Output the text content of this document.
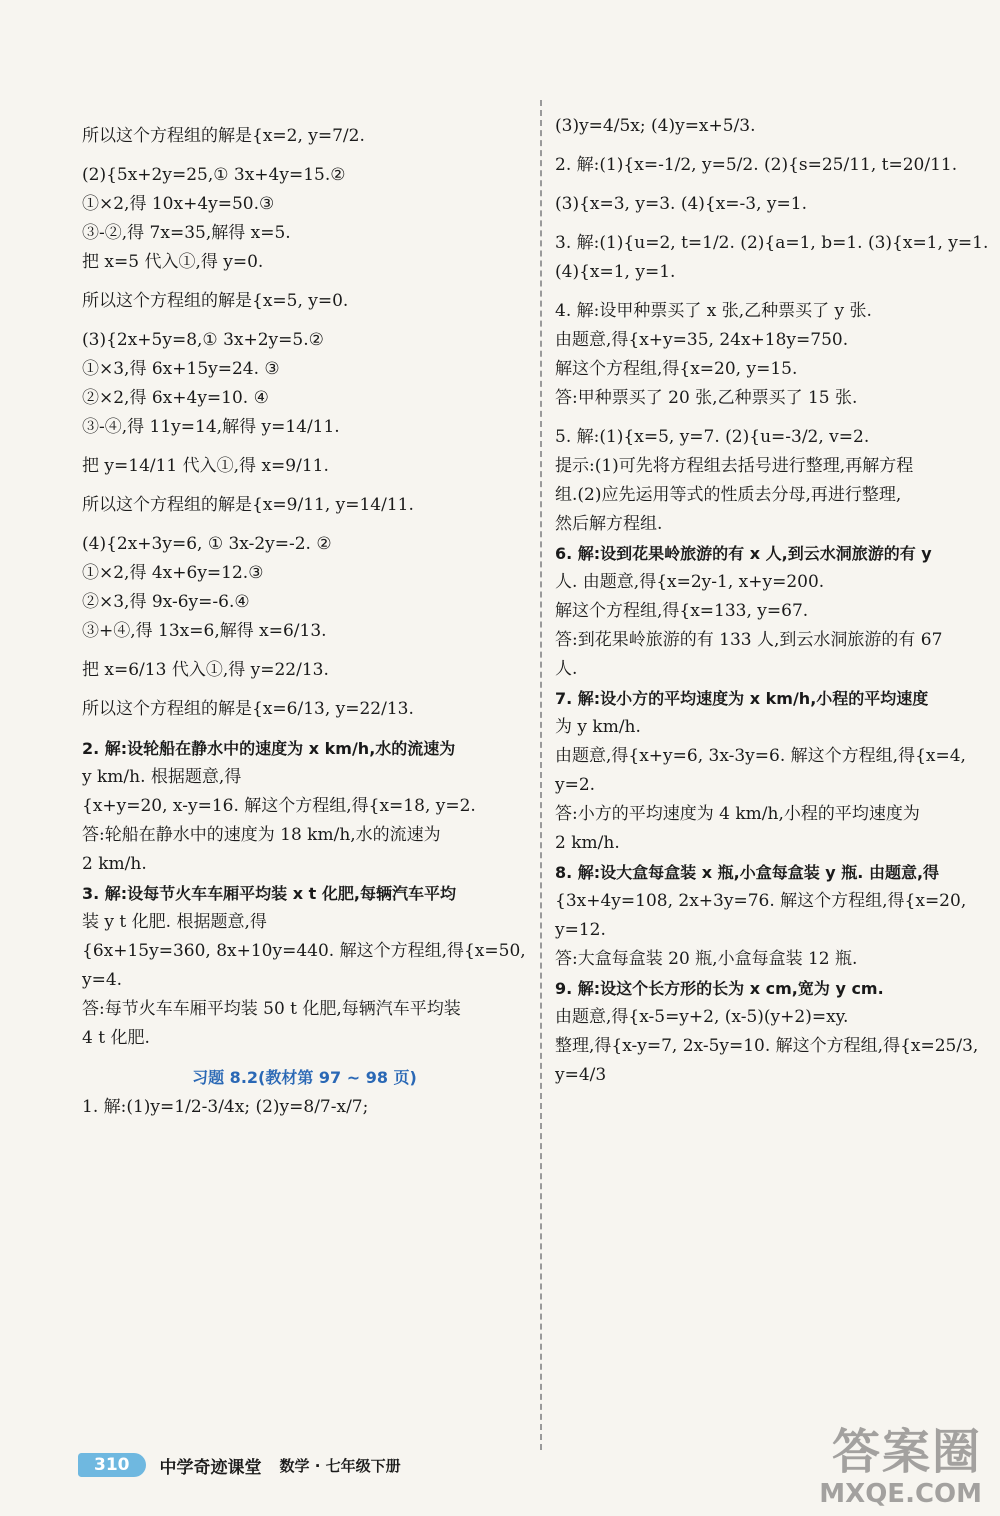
所以这个方程组的解是{x=2, y=7/2.
(2){5x+2y=25,① 3x+4y=15.②
①×2,得 10x+4y=50.③
③-②,得 7x=35,解得 x=5.
把 x=5 代入①,得 y=0.
所以这个方程组的解是{x=5, y=0.
(3){2x+5y=8,① 3x+2y=5.②
①×3,得 6x+15y=24. ③
②×2,得 6x+4y=10. ④
③-④,得 11y=14,解得 y=14/11.
把 y=14/11 代入①,得 x=9/11.
所以这个方程组的解是{x=9/11, y=14/11.
(4){2x+3y=6, ① 3x-2y=-2. ②
①×2,得 4x+6y=12.③
②×3,得 9x-6y=-6.④
③+④,得 13x=6,解得 x=6/13.
把 x=6/13 代入①,得 y=22/13.
所以这个方程组的解是{x=6/13, y=22/13.
2. 解:设轮船在静水中的速度为 x km/h,水的流速为
y km/h. 根据题意,得
{x+y=20, x-y=16. 解这个方程组,得{x=18, y=2.
答:轮船在静水中的速度为 18 km/h,水的流速为
2 km/h.
3. 解:设每节火车车厢平均装 x t 化肥,每辆汽车平均
装 y t 化肥. 根据题意,得
{6x+15y=360, 8x+10y=440. 解这个方程组,得{x=50, y=4.
答:每节火车车厢平均装 50 t 化肥,每辆汽车平均装
4 t 化肥.
习题 8.2(教材第 97 ~ 98 页)
1. 解:(1)y=1/2-3/4x; (2)y=8/7-x/7;
(3)y=4/5x; (4)y=x+5/3.
2. 解:(1){x=-1/2, y=5/2. (2){s=25/11, t=20/11.
(3){x=3, y=3. (4){x=-3, y=1.
3. 解:(1){u=2, t=1/2. (2){a=1, b=1. (3){x=1, y=1. (4){x=1, y=1.
4. 解:设甲种票买了 x 张,乙种票买了 y 张.
由题意,得{x+y=35, 24x+18y=750.
解这个方程组,得{x=20, y=15.
答:甲种票买了 20 张,乙种票买了 15 张.
5. 解:(1){x=5, y=7. (2){u=-3/2, v=2.
提示:(1)可先将方程组去括号进行整理,再解方程
组.(2)应先运用等式的性质去分母,再进行整理,
然后解方程组.
6. 解:设到花果岭旅游的有 x 人,到云水洞旅游的有 y
人. 由题意,得{x=2y-1, x+y=200.
解这个方程组,得{x=133, y=67.
答:到花果岭旅游的有 133 人,到云水洞旅游的有 67
人.
7. 解:设小方的平均速度为 x km/h,小程的平均速度
为 y km/h.
由题意,得{x+y=6, 3x-3y=6. 解这个方程组,得{x=4, y=2.
答:小方的平均速度为 4 km/h,小程的平均速度为
2 km/h.
8. 解:设大盒每盒装 x 瓶,小盒每盒装 y 瓶. 由题意,得
{3x+4y=108, 2x+3y=76. 解这个方程组,得{x=20, y=12.
答:大盒每盒装 20 瓶,小盒每盒装 12 瓶.
9. 解:设这个长方形的长为 x cm,宽为 y cm.
由题意,得{x-5=y+2, (x-5)(y+2)=xy.
整理,得{x-y=7, 2x-5y=10. 解这个方程组,得{x=25/3, y=4/3
310	中学奇迹课堂 数学 · 七年级下册	答案圈
MXQE.COM
